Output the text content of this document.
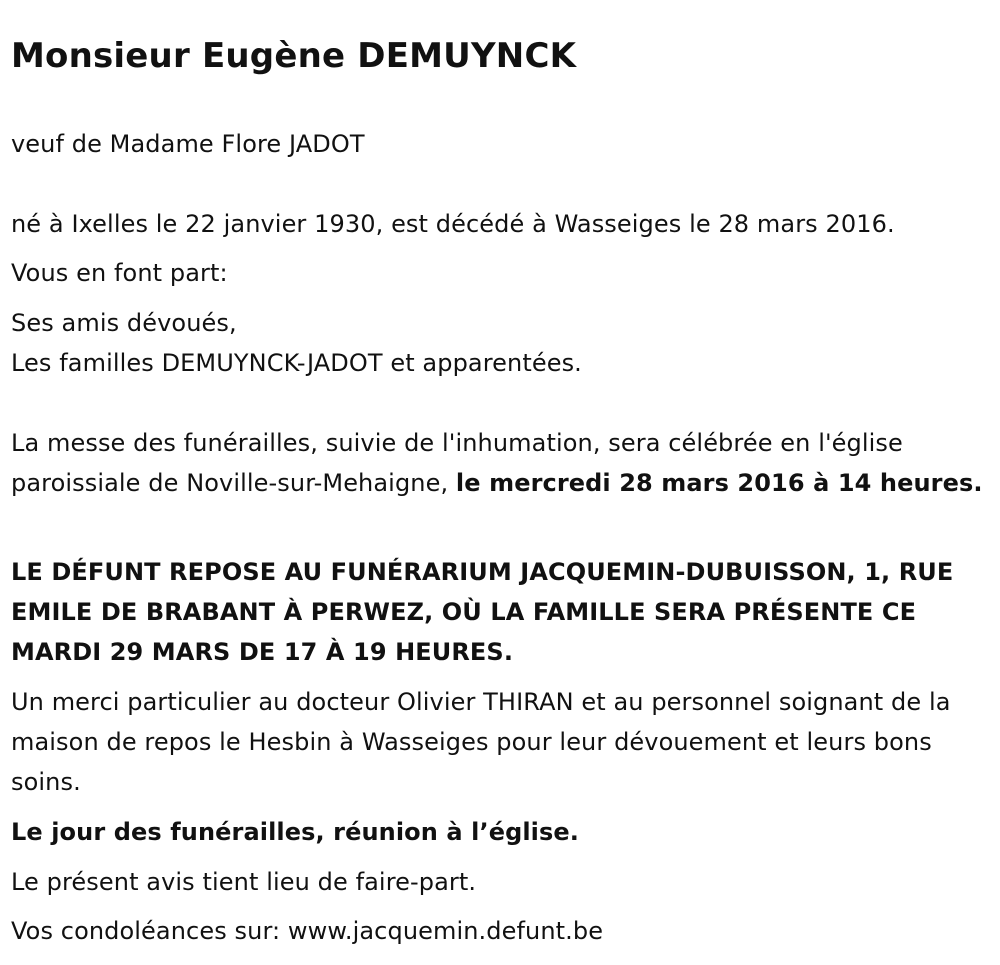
Monsieur Eugène DEMUYNCK

veuf de Madame Flore JADOT

né à Ixelles le 22 janvier 1930, est décédé à Wasseiges le 28 mars 2016.

Vous en font part:

Ses amis dévoués,
Les familles DEMUYNCK-JADOT et apparentées.

La messe des funérailles, suivie de l'inhumation, sera célébrée en l'église paroissiale de Noville-sur-Mehaigne, le mercredi 28 mars 2016 à 14 heures.

LE DÉFUNT REPOSE AU FUNÉRARIUM JACQUEMIN-DUBUISSON, 1, RUE EMILE DE BRABANT À PERWEZ, OÙ LA FAMILLE SERA PRÉSENTE CE MARDI 29 MARS DE 17 À 19 HEURES.

Un merci particulier au docteur Olivier THIRAN et au personnel soignant de la maison de repos le Hesbin à Wasseiges pour leur dévouement et leurs bons soins.

Le jour des funérailles, réunion à l’église.

Le présent avis tient lieu de faire-part.

Vos condoléances sur: www.jacquemin.defunt.be
